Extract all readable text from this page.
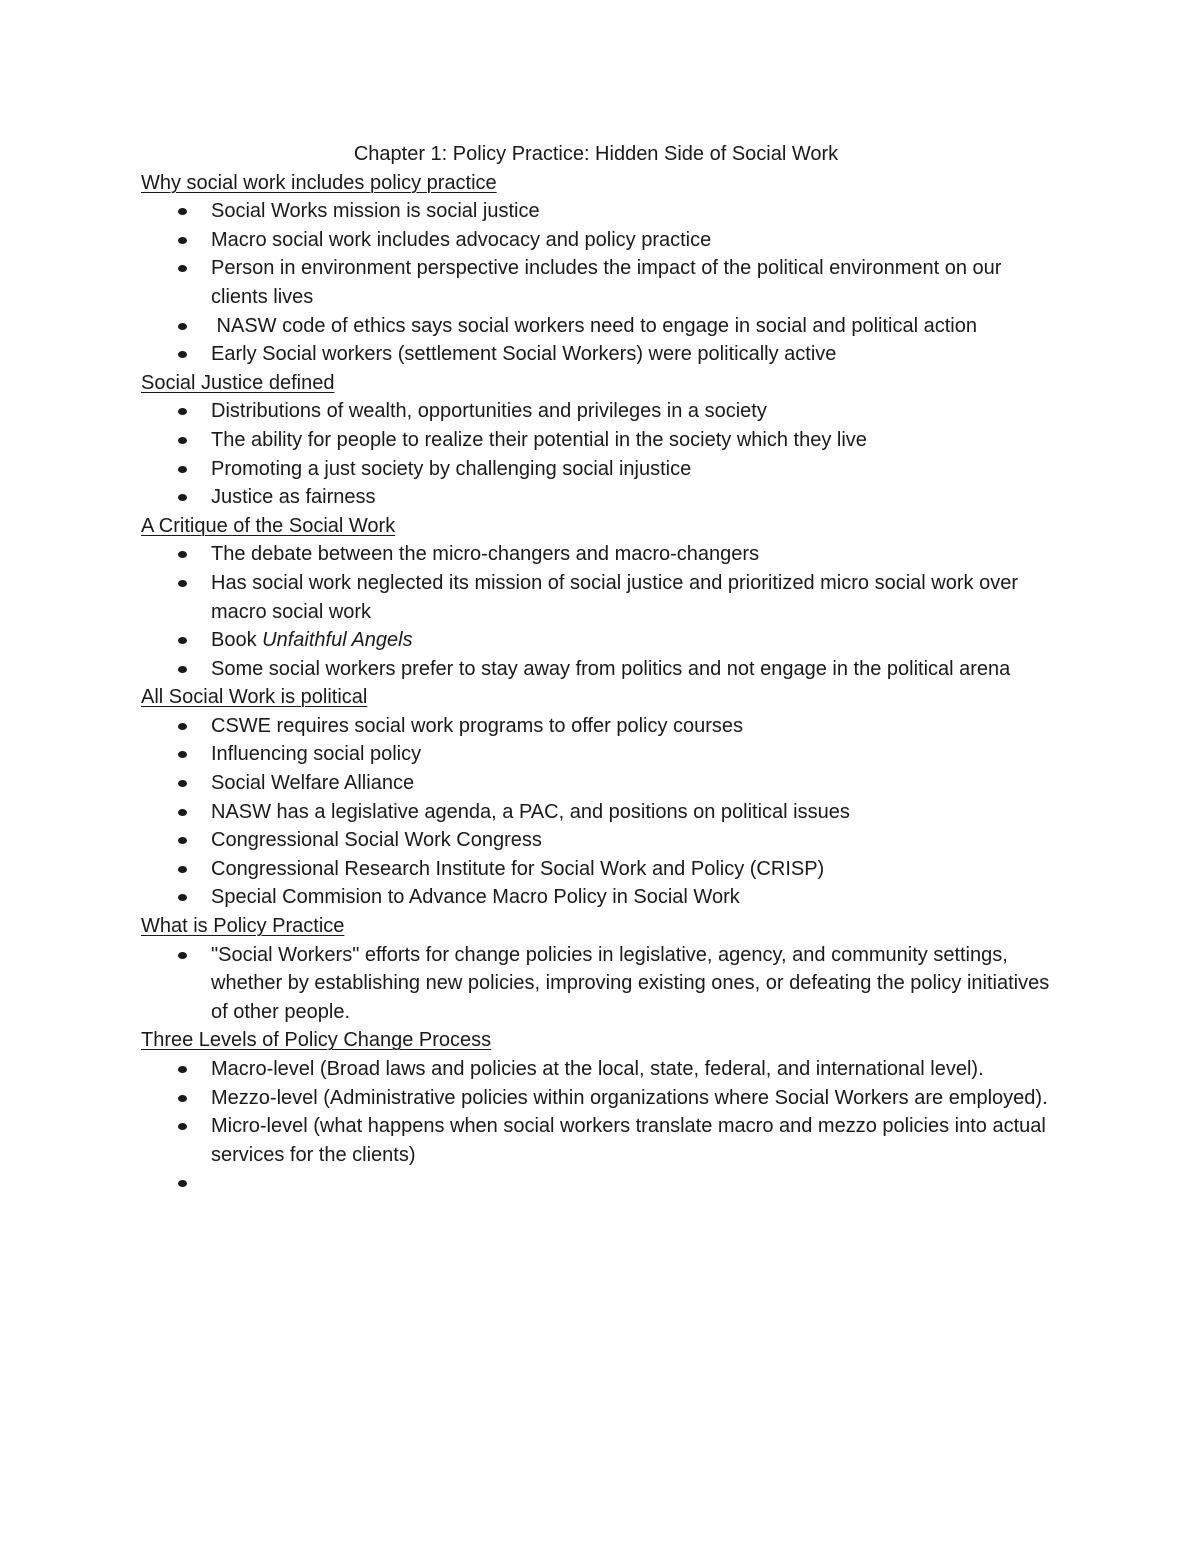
Chapter 1: Policy Practice: Hidden Side of Social Work
Why social work includes policy practice
Social Works mission is social justice
Macro social work includes advocacy and policy practice
Person in environment perspective includes the impact of the political environment on our clients lives
NASW code of ethics says social workers need to engage in social and political action
Early Social workers (settlement Social Workers) were politically active
Social Justice defined
Distributions of wealth, opportunities and privileges in a society
The ability for people to realize their potential in the society which they live
Promoting a just society by challenging social injustice
Justice as fairness
A Critique of the Social Work
The debate between the micro-changers and macro-changers
Has social work neglected its mission of social justice and prioritized micro social work over macro social work
Book Unfaithful Angels
Some social workers prefer to stay away from politics and not engage in the political arena
All Social Work is political
CSWE requires social work programs to offer policy courses
Influencing social policy
Social Welfare Alliance
NASW has a legislative agenda, a PAC, and positions on political issues
Congressional Social Work Congress
Congressional Research Institute for Social Work and Policy (CRISP)
Special Commision to Advance Macro Policy in Social Work
What is Policy Practice
"Social Workers" efforts for change policies in legislative, agency, and community settings, whether by establishing new policies, improving existing ones, or defeating the policy initiatives of other people.
Three Levels of Policy Change Process
Macro-level (Broad laws and policies at the local, state, federal, and international level).
Mezzo-level (Administrative policies within organizations where Social Workers are employed).
Micro-level (what happens when social workers translate macro and mezzo policies into actual services for the clients)
